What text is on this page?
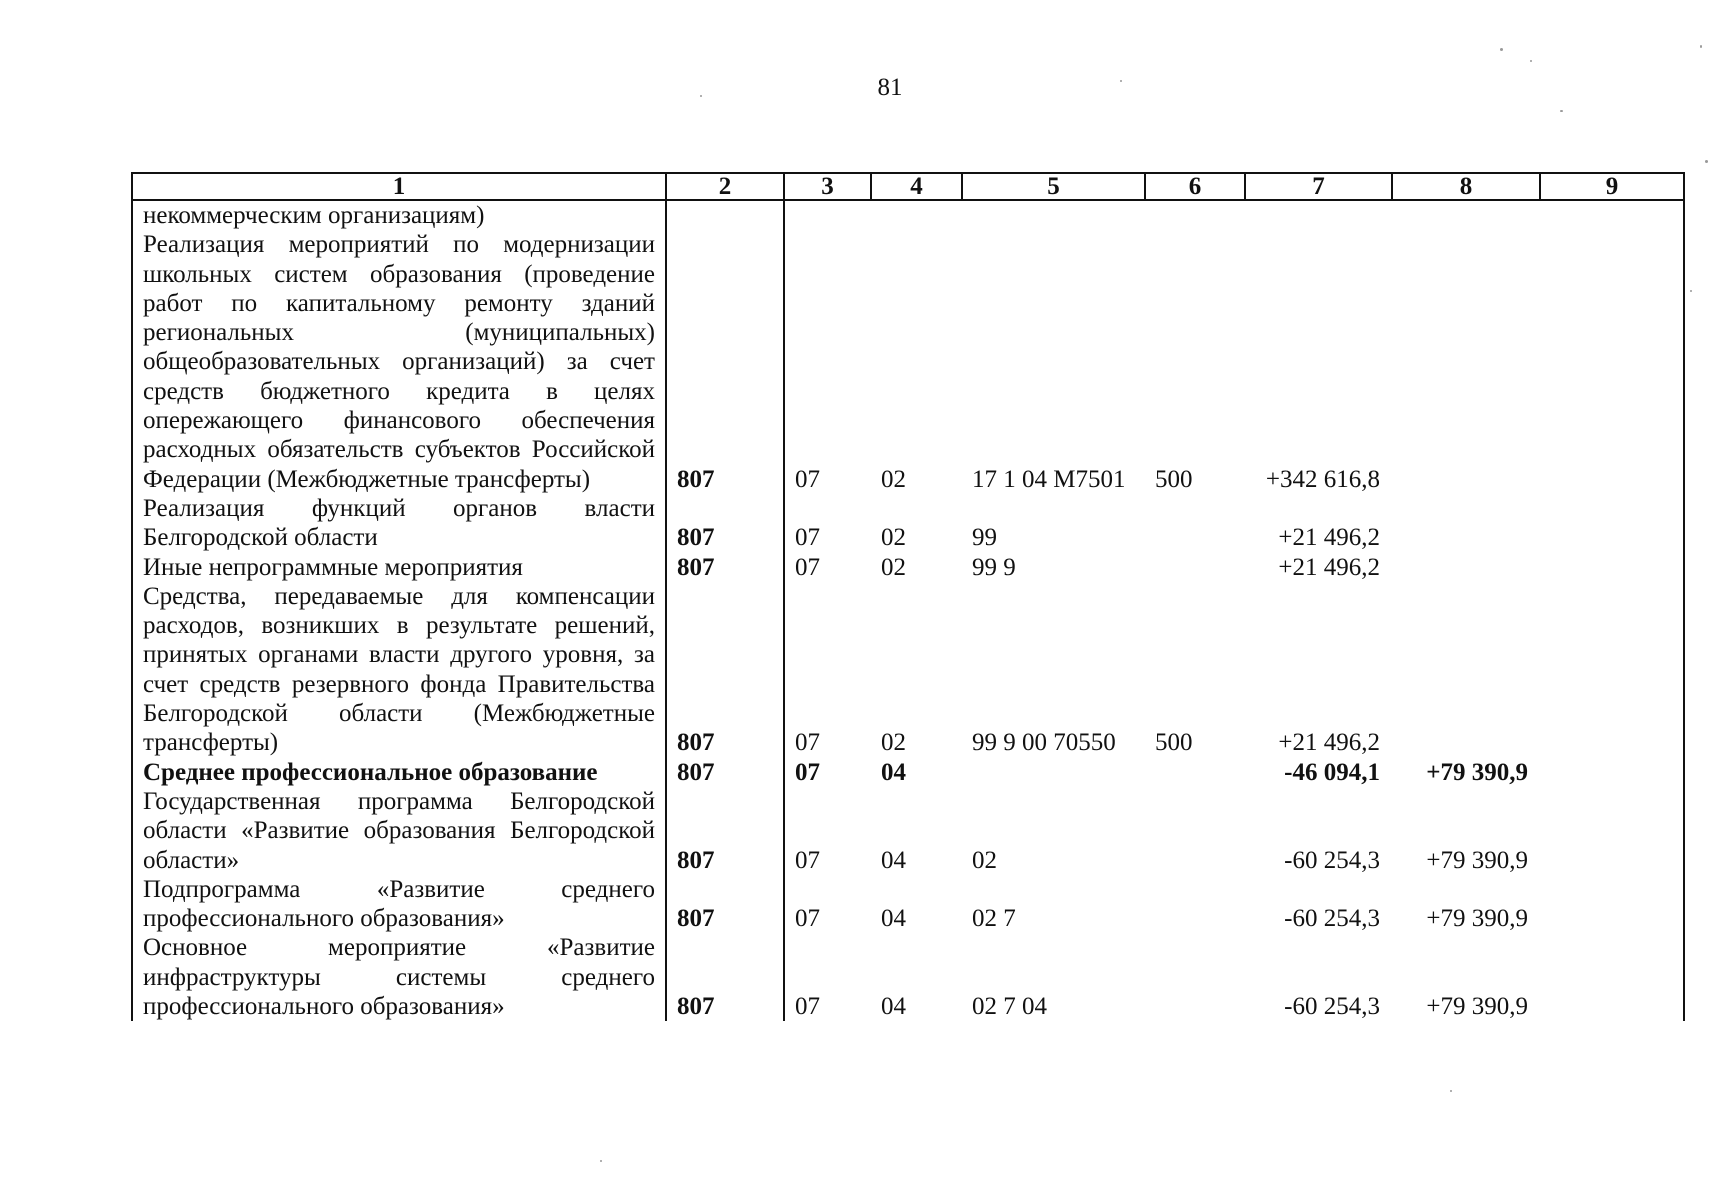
81
1	2	3	4	5	6	7	8	9
некоммерческим организациям)								
Реализация мероприятий по модернизации школьных систем образования (проведение работ по капитальному ремонту зданий региональных (муниципальных) общеобразовательных организаций) за счет средств бюджетного кредита в целях опережающего финансового обеспечения расходных обязательств субъектов Российской Федерации (Межбюджетные трансферты)	807	07	02	17 1 04 M7501	500	+342 616,8		
Реализация функций органов власти Белгородской области	807	07	02	99		+21 496,2		
Иные непрограммные мероприятия	807	07	02	99 9		+21 496,2		
Средства, передаваемые для компенсации расходов, возникших в результате решений, принятых органами власти другого уровня, за счет средств резервного фонда Правительства Белгородской области (Межбюджетные трансферты)	807	07	02	99 9 00 70550	500	+21 496,2		
Среднее профессиональное образование	807	07	04			-46 094,1	+79 390,9	
Государственная программа Белгородской области «Развитие образования Белгородской области»	807	07	04	02		-60 254,3	+79 390,9	
Подпрограмма «Развитие среднего профессионального образования»	807	07	04	02 7		-60 254,3	+79 390,9	
Основное мероприятие «Развитие инфраструктуры системы среднего профессионального образования»	807	07	04	02 7 04		-60 254,3	+79 390,9	
